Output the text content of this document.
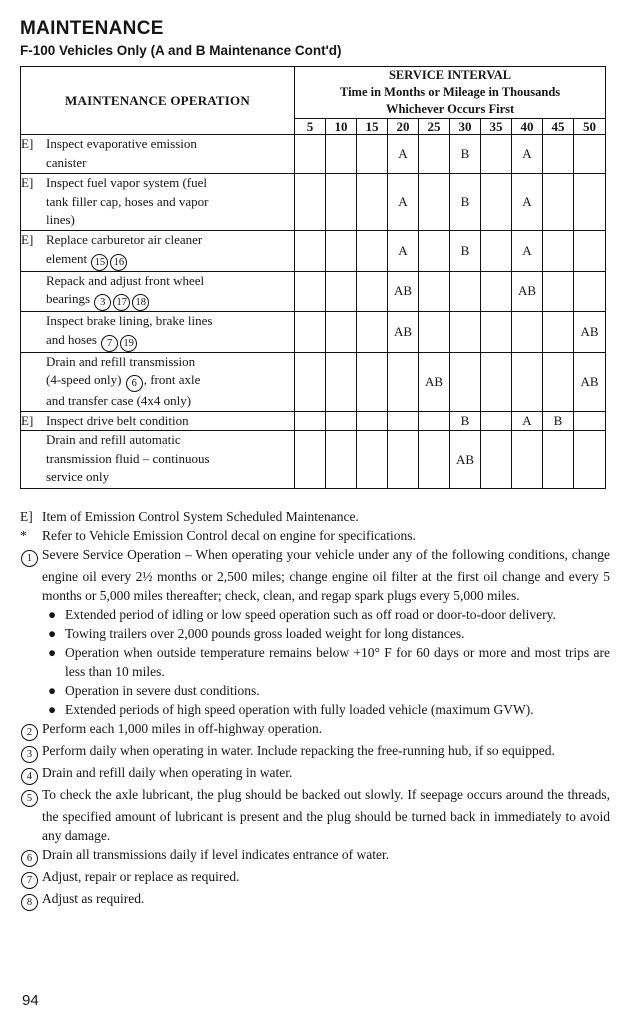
MAINTENANCE
F-100 Vehicles Only (A and B Maintenance Cont'd)
MAINTENANCE OPERATION	SERVICE INTERVAL
Time in Months or Mileage in Thousands
Whichever Occurs First									

	5	10	15	20	25	30	35	40	45	50

E] Inspect evaporative emission
canister				A		B		A		

E] Inspect fuel vapor system (fuel
tank filler cap, hoses and vapor
lines)				A		B		A		

E] Replace carburetor air cleaner
element 15 16				A		B		A		

Repack and adjust front wheel
bearings 3 17 18				AB				AB		

Inspect brake lining, brake lines
and hoses 7 19				AB						AB

Drain and refill transmission
(4-speed only) 6 , front axle
and transfer case (4x4 only)					AB					AB

E] Inspect drive belt condition						B		A	B	

Drain and refill automatic
transmission fluid – continuous
service only						AB				

E] Item of Emission Control System Scheduled Maintenance.

* Refer to Vehicle Emission Control decal on engine for specifications.

1 Severe Service Operation – When operating your vehicle under any of the following conditions, change engine oil every 2½ months or 2,500 miles; change engine oil filter at the first oil change and every 5 months or 5,000 miles thereafter; check, clean, and regap spark plugs every 5,000 miles.

● Extended period of idling or low speed operation such as off road or door-to-door delivery.

● Towing trailers over 2,000 pounds gross loaded weight for long distances.

● Operation when outside temperature remains below +10° F for 60 days or more and most trips are less than 10 miles.

● Operation in severe dust conditions.

● Extended periods of high speed operation with fully loaded vehicle (maximum GVW).

2 Perform each 1,000 miles in off-highway operation.

3 Perform daily when operating in water. Include repacking the free-running hub, if so equipped.

4 Drain and refill daily when operating in water.

5 To check the axle lubricant, the plug should be backed out slowly. If seepage occurs around the threads, the specified amount of lubricant is present and the plug should be turned back in immediately to avoid any damage.

6 Drain all transmissions daily if level indicates entrance of water.

7 Adjust, repair or replace as required.

8 Adjust as required.

94
